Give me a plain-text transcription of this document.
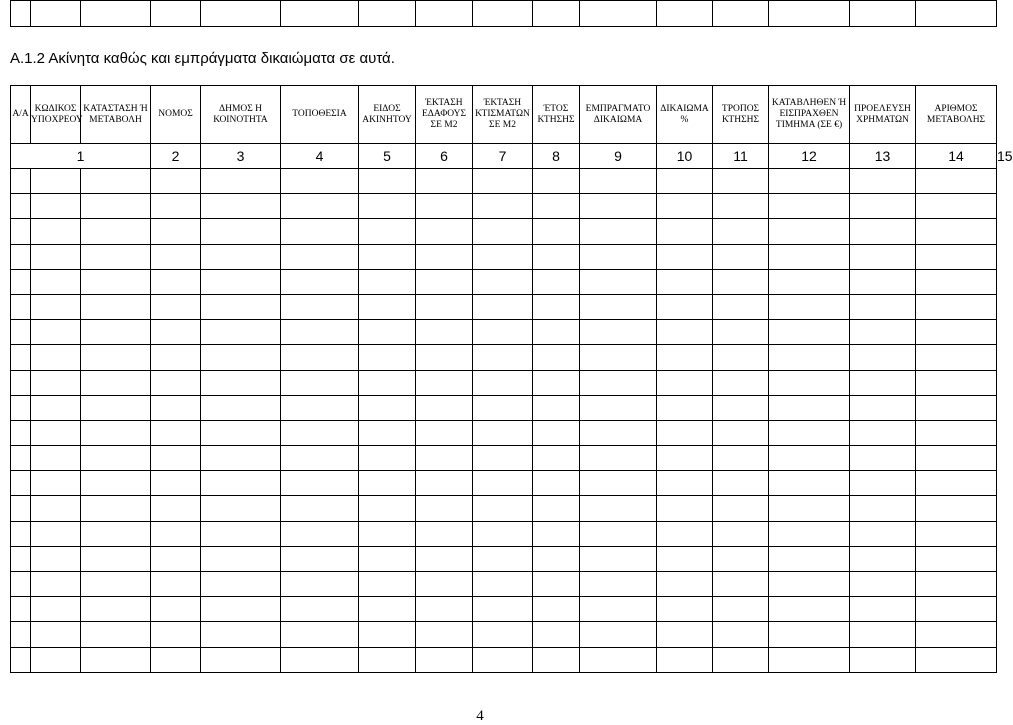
Α.1.2 Ακίνητα καθώς και εμπράγματα δικαιώματα σε αυτά.
Α/Α	ΚΩΔΙΚΟΣ ΥΠΟΧΡΕΟΥ	ΚΑΤΑΣΤΑΣΗ Ή ΜΕΤΑΒΟΛΗ	ΝΟΜΟΣ	ΔΗΜΟΣ Η ΚΟΙΝΟΤΗΤΑ	ΤΟΠΟΘΕΣΙΑ	ΕΙΔΟΣ ΑΚΙΝΗΤΟΥ	ΈΚΤΑΣΗ ΕΔΑΦΟΥΣ ΣΕ Μ2	ΈΚΤΑΣΗ ΚΤΙΣΜΑΤΩΝ ΣΕ Μ2	ΈΤΟΣ ΚΤΗΣΗΣ	ΕΜΠΡΑΓΜΑΤΟ ΔΙΚΑΙΩΜΑ	ΔΙΚΑΙΩΜΑ %	ΤΡΟΠΟΣ ΚΤΗΣΗΣ	ΚΑΤΑΒΛΗΘΕΝ Ή ΕΙΣΠΡΑΧΘΕΝ ΤΙΜΗΜΑ (ΣΕ €)	ΠΡΟΕΛΕΥΣΗ ΧΡΗΜΑΤΩΝ	ΑΡΙΘΜΟΣ ΜΕΤΑΒΟΛΗΣ	
1			2	3	4	5	6	7	8	9	10	11	12	13	14	15

4
